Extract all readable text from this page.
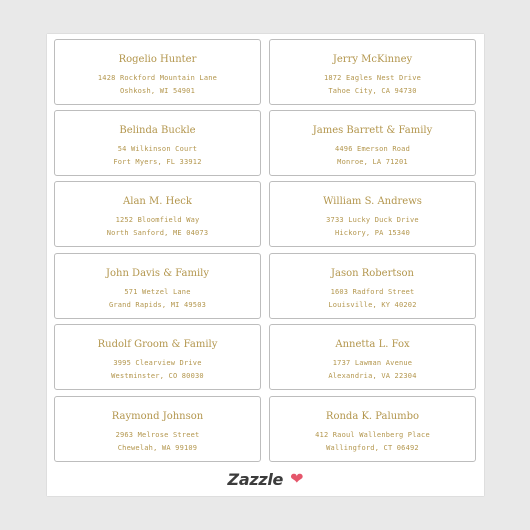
Rogelio Hunter
1428 Rockford Mountain Lane
Oshkosh, WI 54901
Jerry McKinney
1872 Eagles Nest Drive
Tahoe City, CA 94730
Belinda Buckle
54 Wilkinson Court
Fort Myers, FL 33912
James Barrett & Family
4496 Emerson Road
Monroe, LA 71201
Alan M. Heck
1252 Bloomfield Way
North Sanford, ME 04073
William S. Andrews
3733 Lucky Duck Drive
Hickory, PA 15340
John Davis & Family
571 Wetzel Lane
Grand Rapids, MI 49503
Jason Robertson
1603 Radford Street
Louisville, KY 40202
Rudolf Groom & Family
3995 Clearview Drive
Westminster, CO 80030
Annetta L. Fox
1737 Lawman Avenue
Alexandria, VA 22304
Raymond Johnson
2963 Melrose Street
Chewelah, WA 99109
Ronda K. Palumbo
412 Raoul Wallenberg Place
Wallingford, CT 06492
Zazzle ❤
